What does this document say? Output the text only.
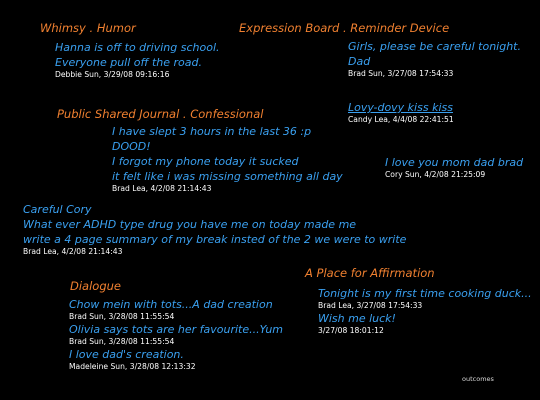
Whimsy . Humor	Expression Board . Reminder Device
Public Shared Journal . Confessional
Dialogue
A Place for Affirmation
Hanna is off to driving school.
Everyone pull off the road.
Debbie Sun, 3/29/08 09:16:16
Girls, please be careful tonight.
Dad
Brad Sun, 3/27/08 17:54:33
Lovy-dovy kiss kiss
Candy Lea, 4/4/08 22:41:51
I have slept 3 hours in the last 36 :p
DOOD!
I forgot my phone today it sucked
it felt like i was missing something all day
Brad Lea, 4/2/08 21:14:43
I love you mom dad brad
Cory Sun, 4/2/08 21:25:09
Careful Cory
What ever ADHD type drug you have me on today made me
write a 4 page summary of my break insted of the 2 we were to write
Brad Lea, 4/2/08 21:14:43
Chow mein with tots...A dad creation
Brad Sun, 3/28/08 11:55:54
Olivia says tots are her favourite...Yum
Brad Sun, 3/28/08 11:55:54
I love dad's creation.
Madeleine Sun, 3/28/08 12:13:32
Tonight is my first time cooking duck...
Brad Lea, 3/27/08 17:54:33
Wish me luck!
3/27/08 18:01:12
outcomes
